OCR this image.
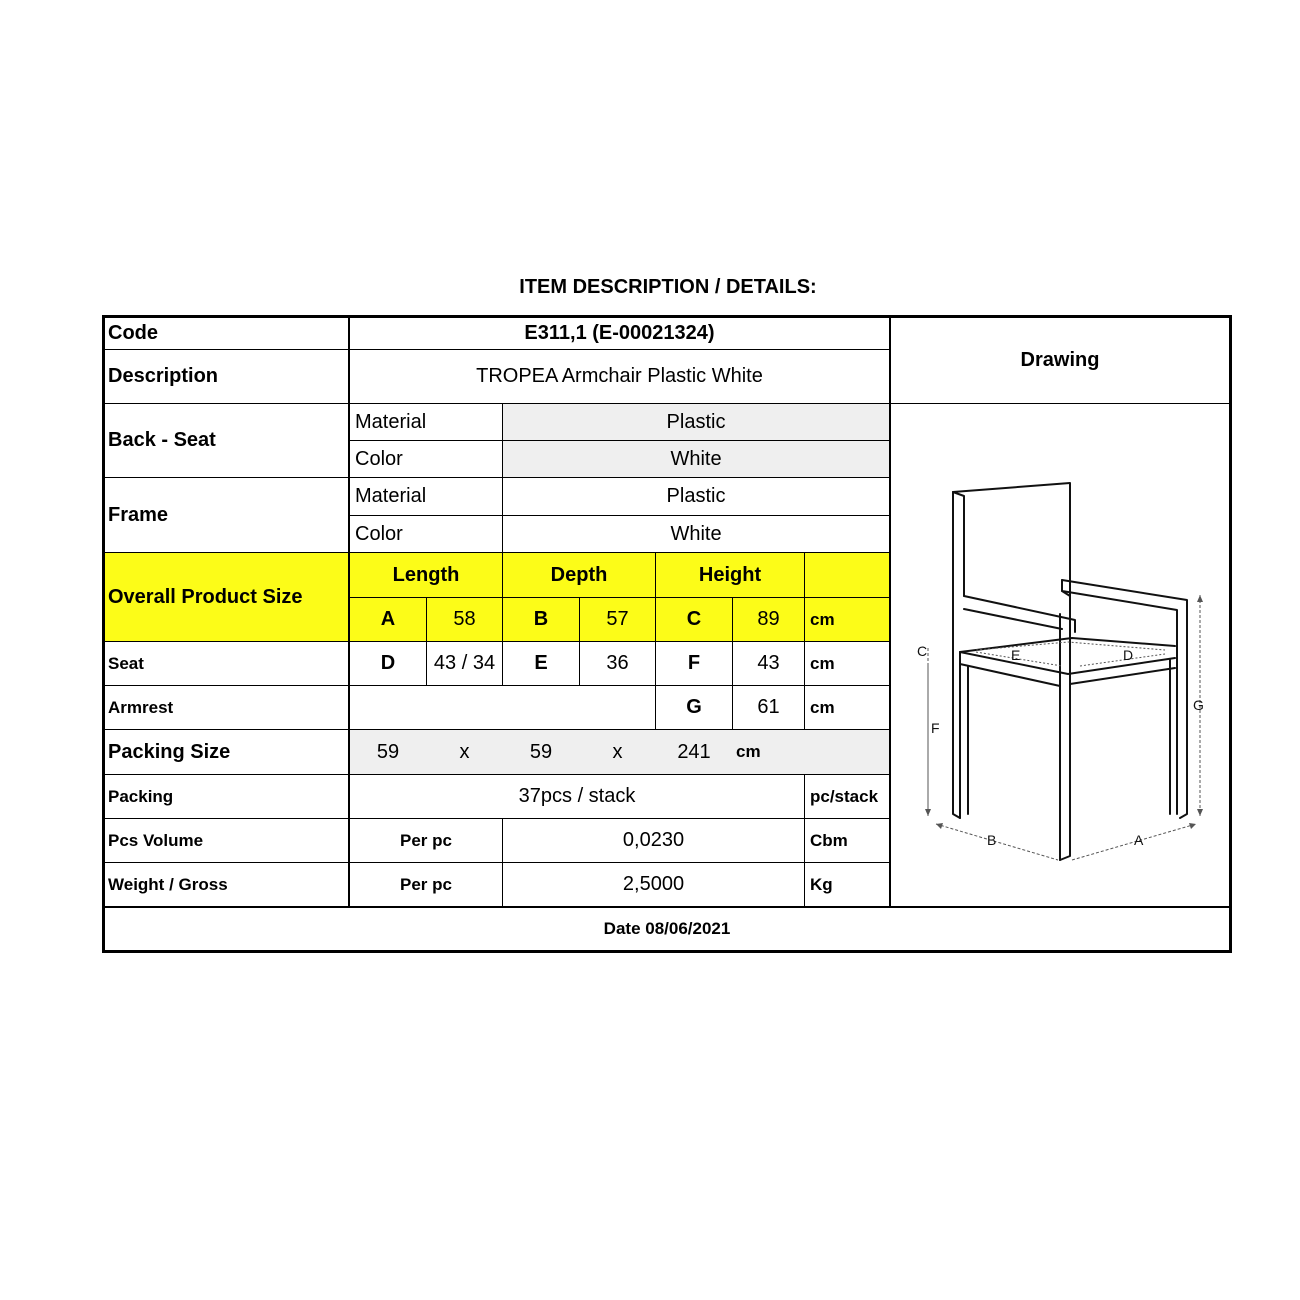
ITEM DESCRIPTION / DETAILS:
Code	E311,1 (E-00021324)
Description	TROPEA Armchair Plastic White
Drawing
Back - Seat
Material	Plastic
Color	White
Frame
Material	Plastic
Color	White
Overall Product Size
Length	Depth	Height
A	58	B	57	C	89	cm
Seat	D	43 / 34	E	36	F	43	cm
Armrest	G	61	cm
Packing Size	59	x	59	x	241	cm
Packing	37pcs / stack	pc/stack
Pcs Volume	Per pc	0,0230	Cbm
Weight / Gross	Per pc	2,5000	Kg
Date 08/06/2021
C
F
E	D
G
B	A
